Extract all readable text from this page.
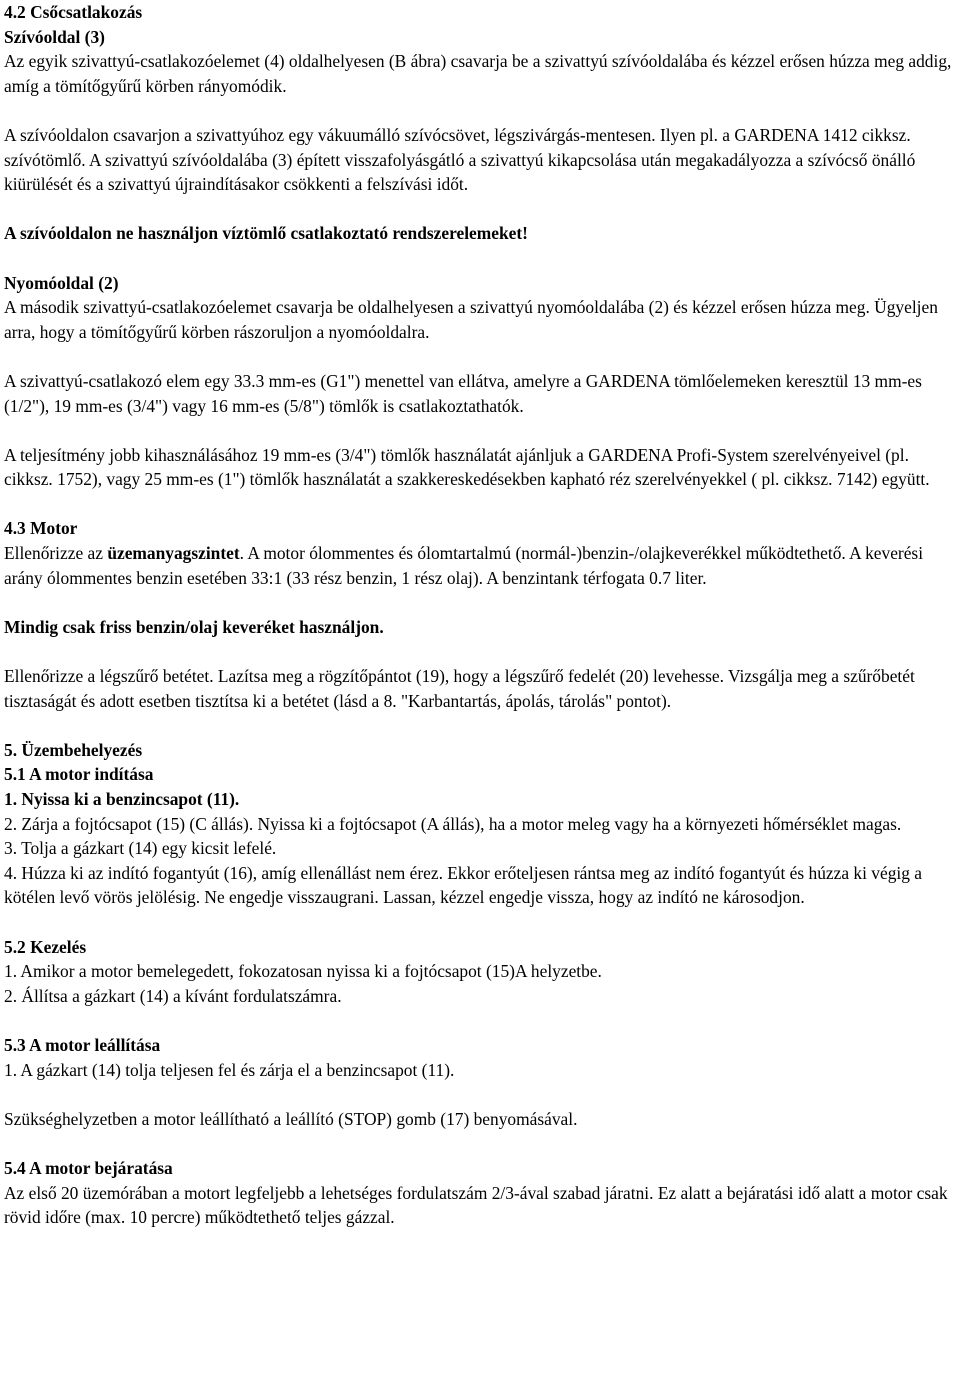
4.2 Csőcsatlakozás

Szívóoldal (3)

Az egyik szivattyú-csatlakozóelemet (4) oldalhelyesen (B ábra) csavarja be a szivattyú szívóoldalába és kézzel erősen húzza meg addig, amíg a tömítőgyűrű körben rányomódik.

A szívóoldalon csavarjon a szivattyúhoz egy vákuumálló szívócsövet, légszivárgás-mentesen. Ilyen pl. a GARDENA 1412 cikksz. szívótömlő. A szivattyú szívóoldalába (3) épített visszafolyásgátló a szivattyú kikapcsolása után megakadályozza a szívócső önálló kiürülését és a szivattyú újraindításakor csökkenti a felszívási időt.

A szívóoldalon ne használjon víztömlő csatlakoztató rendszerelemeket!

Nyomóoldal (2)

A második szivattyú-csatlakozóelemet csavarja be oldalhelyesen a szivattyú nyomóoldalába (2) és kézzel erősen húzza meg. Ügyeljen arra, hogy a tömítőgyűrű körben rászoruljon a nyomóoldalra.

A szivattyú-csatlakozó elem egy 33.3 mm-es (G1") menettel van ellátva, amelyre a GARDENA tömlőelemeken keresztül 13 mm-es (1/2"), 19 mm-es (3/4") vagy 16 mm-es (5/8") tömlők is csatlakoztathatók.

A teljesítmény jobb kihasználásához 19 mm-es (3/4") tömlők használatát ajánljuk a GARDENA Profi-System szerelvényeivel (pl. cikksz. 1752), vagy 25 mm-es (1") tömlők használatát a szakkereskedésekben kapható réz szerelvényekkel ( pl. cikksz. 7142) együtt.

4.3 Motor

Ellenőrizze az üzemanyagszintet. A motor ólommentes és ólomtartalmú (normál-)benzin-/olajkeverékkel működtethető. A keverési arány ólommentes benzin esetében 33:1 (33 rész benzin, 1 rész olaj). A benzintank térfogata 0.7 liter.

Mindig csak friss benzin/olaj keveréket használjon.

Ellenőrizze a légszűrő betétet. Lazítsa meg a rögzítőpántot (19), hogy a légszűrő fedelét (20) levehesse. Vizsgálja meg a szűrőbetét tisztaságát és adott esetben tisztítsa ki a betétet (lásd a 8. "Karbantartás, ápolás, tárolás" pontot).

5. Üzembehelyezés

5.1 A motor indítása

1. Nyissa ki a benzincsapot (11).

2. Zárja a fojtócsapot (15) (C állás). Nyissa ki a fojtócsapot (A állás), ha a motor meleg vagy ha a környezeti hőmérséklet magas.

3. Tolja a gázkart (14) egy kicsit lefelé.

4. Húzza ki az indító fogantyút (16), amíg ellenállást nem érez. Ekkor erőteljesen rántsa meg az indító fogantyút és húzza ki végig a kötélen levő vörös jelölésig. Ne engedje visszaugrani. Lassan, kézzel engedje vissza, hogy az indító ne károsodjon.

5.2 Kezelés

1. Amikor a motor bemelegedett, fokozatosan nyissa ki a fojtócsapot (15)A helyzetbe.

2. Állítsa a gázkart (14) a kívánt fordulatszámra.

5.3 A motor leállítása

1. A gázkart (14) tolja teljesen fel és zárja el a benzincsapot (11).

Szükséghelyzetben a motor leállítható a leállító (STOP) gomb (17) benyomásával.

5.4 A motor bejáratása

Az első 20 üzemórában a motort legfeljebb a lehetséges fordulatszám 2/3-ával szabad járatni. Ez alatt a bejáratási idő alatt a motor csak rövid időre (max. 10 percre) működtethető teljes gázzal.
